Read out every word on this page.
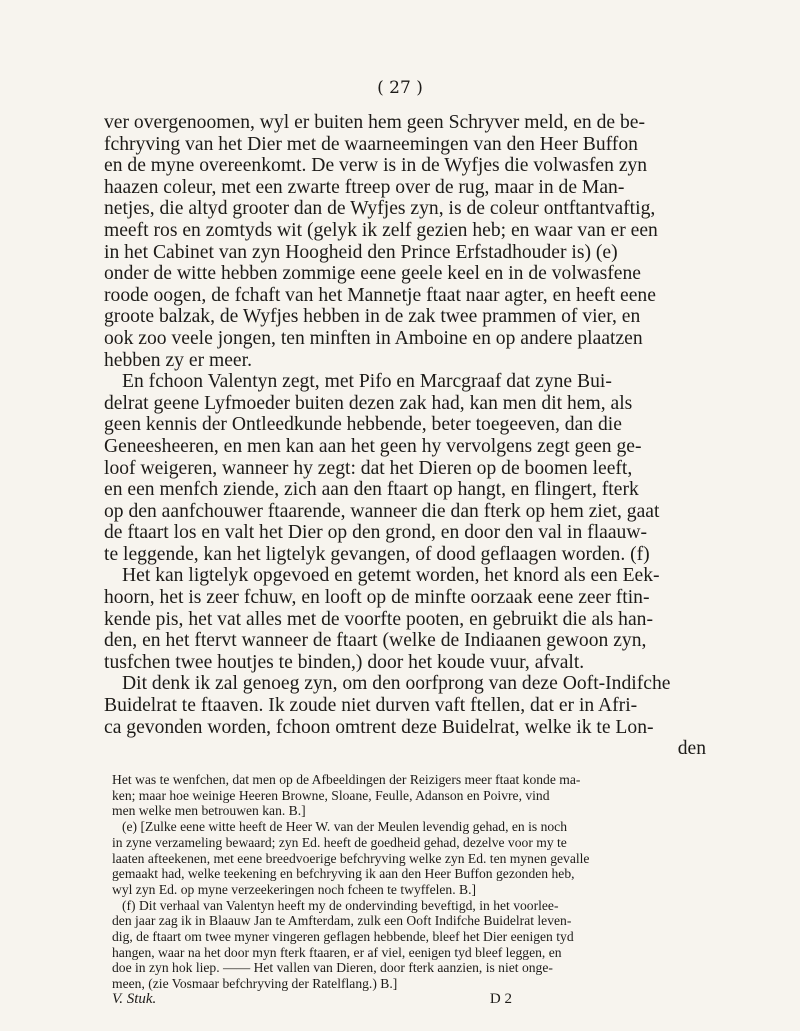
( 27 )

ver overgenoomen, wyl er buiten hem geen Schryver meld, en de be-

fchryving van het Dier met de waarneemingen van den Heer Buffon

en de myne overeenkomt. De verw is in de Wyfjes die volwasfen zyn

haazen coleur, met een zwarte ftreep over de rug, maar in de Man-

netjes, die altyd grooter dan de Wyfjes zyn, is de coleur ontftantvaftig,

meeft ros en zomtyds wit (gelyk ik zelf gezien heb; en waar van er een

in het Cabinet van zyn Hoogheid den Prince Erfstadhouder is) (e)

onder de witte hebben zommige eene geele keel en in de volwasfene

roode oogen, de fchaft van het Mannetje ftaat naar agter, en heeft eene

groote balzak, de Wyfjes hebben in de zak twee prammen of vier, en

ook zoo veele jongen, ten minften in Amboine en op andere plaatzen

hebben zy er meer.

En fchoon Valentyn zegt, met Pifo en Marcgraaf dat zyne Bui-

delrat geene Lyfmoeder buiten dezen zak had, kan men dit hem, als

geen kennis der Ontleedkunde hebbende, beter toegeeven, dan die

Geneesheeren, en men kan aan het geen hy vervolgens zegt geen ge-

loof weigeren, wanneer hy zegt: dat het Dieren op de boomen leeft,

en een menfch ziende, zich aan den ftaart op hangt, en flingert, fterk

op den aanfchouwer ftaarende, wanneer die dan fterk op hem ziet, gaat

de ftaart los en valt het Dier op den grond, en door den val in flaauw-

te leggende, kan het ligtelyk gevangen, of dood geflaagen worden. (f)

Het kan ligtelyk opgevoed en getemt worden, het knord als een Eek-

hoorn, het is zeer fchuw, en looft op de minfte oorzaak eene zeer ftin-

kende pis, het vat alles met de voorfte pooten, en gebruikt die als han-

den, en het ftervt wanneer de ftaart (welke de Indiaanen gewoon zyn,

tusfchen twee houtjes te binden,) door het koude vuur, afvalt.

Dit denk ik zal genoeg zyn, om den oorfprong van deze Ooft-Indifche

Buidelrat te ftaaven. Ik zoude niet durven vaft ftellen, dat er in Afri-

ca gevonden worden, fchoon omtrent deze Buidelrat, welke ik te Lon-

den

Het was te wenfchen, dat men op de Afbeeldingen der Reizigers meer ftaat konde ma-

ken; maar hoe weinige Heeren Browne, Sloane, Feulle, Adanson en Poivre, vind

men welke men betrouwen kan. B.]

(e) [Zulke eene witte heeft de Heer W. van der Meulen levendig gehad, en is noch

in zyne verzameling bewaard; zyn Ed. heeft de goedheid gehad, dezelve voor my te

laaten afteekenen, met eene breedvoerige befchryving welke zyn Ed. ten mynen gevalle

gemaakt had, welke teekening en befchryving ik aan den Heer Buffon gezonden heb,

wyl zyn Ed. op myne verzeekeringen noch fcheen te twyffelen. B.]

(f) Dit verhaal van Valentyn heeft my de ondervinding beveftigd, in het voorlee-

den jaar zag ik in Blaauw Jan te Amfterdam, zulk een Ooft Indifche Buidelrat leven-

dig, de ftaart om twee myner vingeren geflagen hebbende, bleef het Dier eenigen tyd

hangen, waar na het door myn fterk ftaaren, er af viel, eenigen tyd bleef leggen, en

doe in zyn hok liep. —— Het vallen van Dieren, door fterk aanzien, is niet onge-

meen, (zie Vosmaar befchryving der Ratelflang.) B.]

V. Stuk.	D 2
